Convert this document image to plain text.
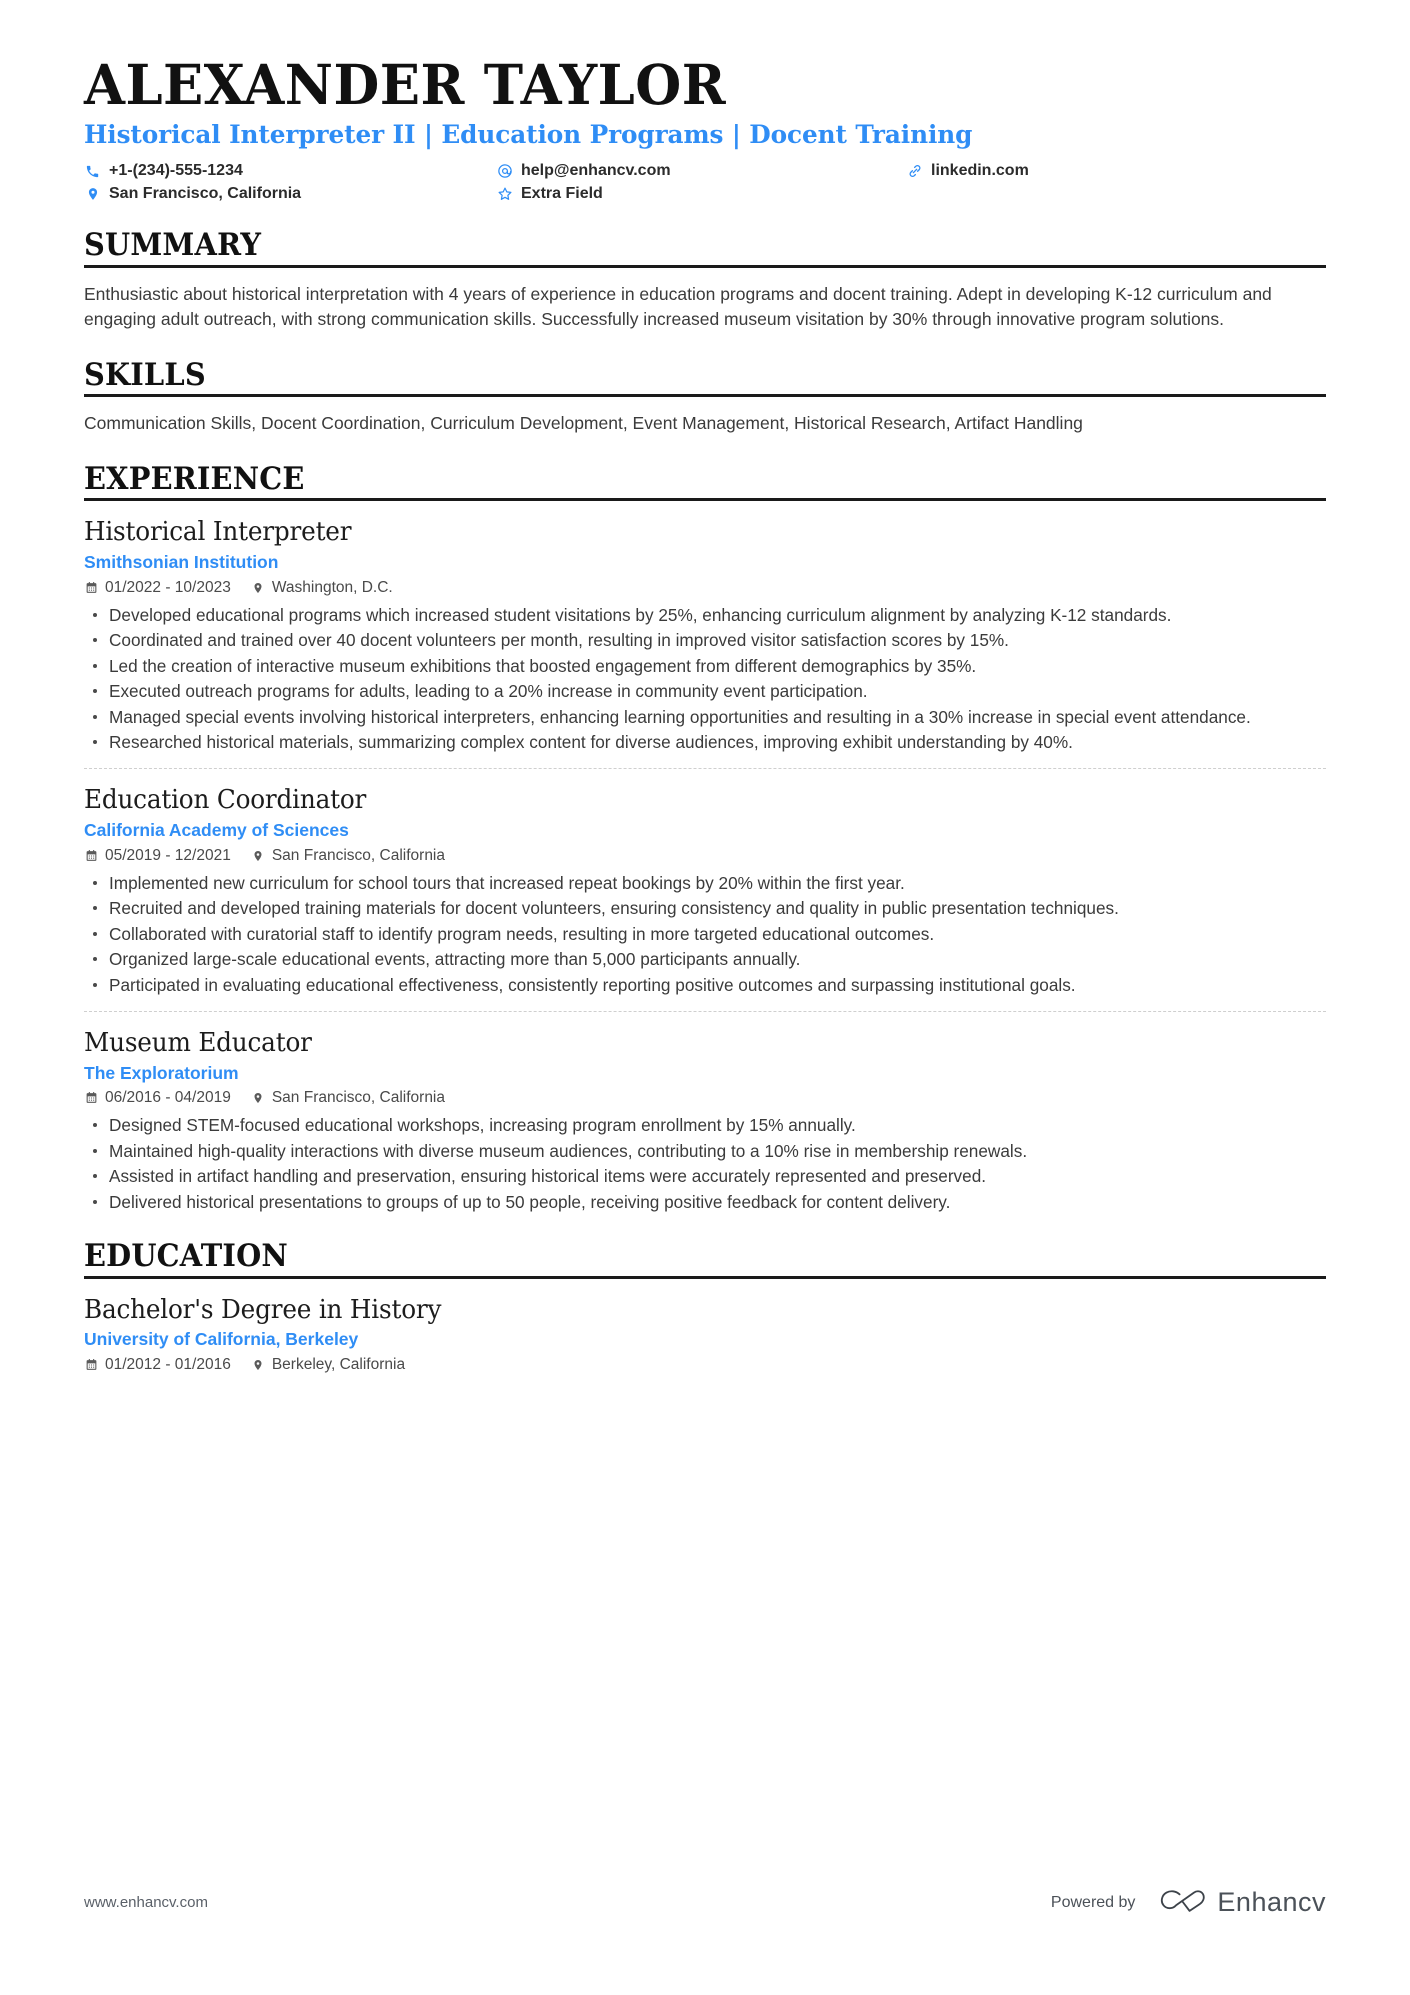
ALEXANDER TAYLOR
Historical Interpreter II | Education Programs | Docent Training
+1-(234)-555-1234	help@enhancv.com	linkedin.com
San Francisco, California	Extra Field
SUMMARY
Enthusiastic about historical interpretation with 4 years of experience in education programs and docent training. Adept in developing K-12 curriculum and engaging adult outreach, with strong communication skills. Successfully increased museum visitation by 30% through innovative program solutions.
SKILLS
Communication Skills, Docent Coordination, Curriculum Development, Event Management, Historical Research, Artifact Handling
EXPERIENCE
Historical Interpreter
Smithsonian Institution
01/2022 - 10/2023	Washington, D.C.
Developed educational programs which increased student visitations by 25%, enhancing curriculum alignment by analyzing K-12 standards.
Coordinated and trained over 40 docent volunteers per month, resulting in improved visitor satisfaction scores by 15%.
Led the creation of interactive museum exhibitions that boosted engagement from different demographics by 35%.
Executed outreach programs for adults, leading to a 20% increase in community event participation.
Managed special events involving historical interpreters, enhancing learning opportunities and resulting in a 30% increase in special event attendance.
Researched historical materials, summarizing complex content for diverse audiences, improving exhibit understanding by 40%.
Education Coordinator
California Academy of Sciences
05/2019 - 12/2021	San Francisco, California
Implemented new curriculum for school tours that increased repeat bookings by 20% within the first year.
Recruited and developed training materials for docent volunteers, ensuring consistency and quality in public presentation techniques.
Collaborated with curatorial staff to identify program needs, resulting in more targeted educational outcomes.
Organized large-scale educational events, attracting more than 5,000 participants annually.
Participated in evaluating educational effectiveness, consistently reporting positive outcomes and surpassing institutional goals.
Museum Educator
The Exploratorium
06/2016 - 04/2019	San Francisco, California
Designed STEM-focused educational workshops, increasing program enrollment by 15% annually.
Maintained high-quality interactions with diverse museum audiences, contributing to a 10% rise in membership renewals.
Assisted in artifact handling and preservation, ensuring historical items were accurately represented and preserved.
Delivered historical presentations to groups of up to 50 people, receiving positive feedback for content delivery.
EDUCATION
Bachelor's Degree in History
University of California, Berkeley
01/2012 - 01/2016	Berkeley, California
www.enhancv.com	Powered by	Enhancv
